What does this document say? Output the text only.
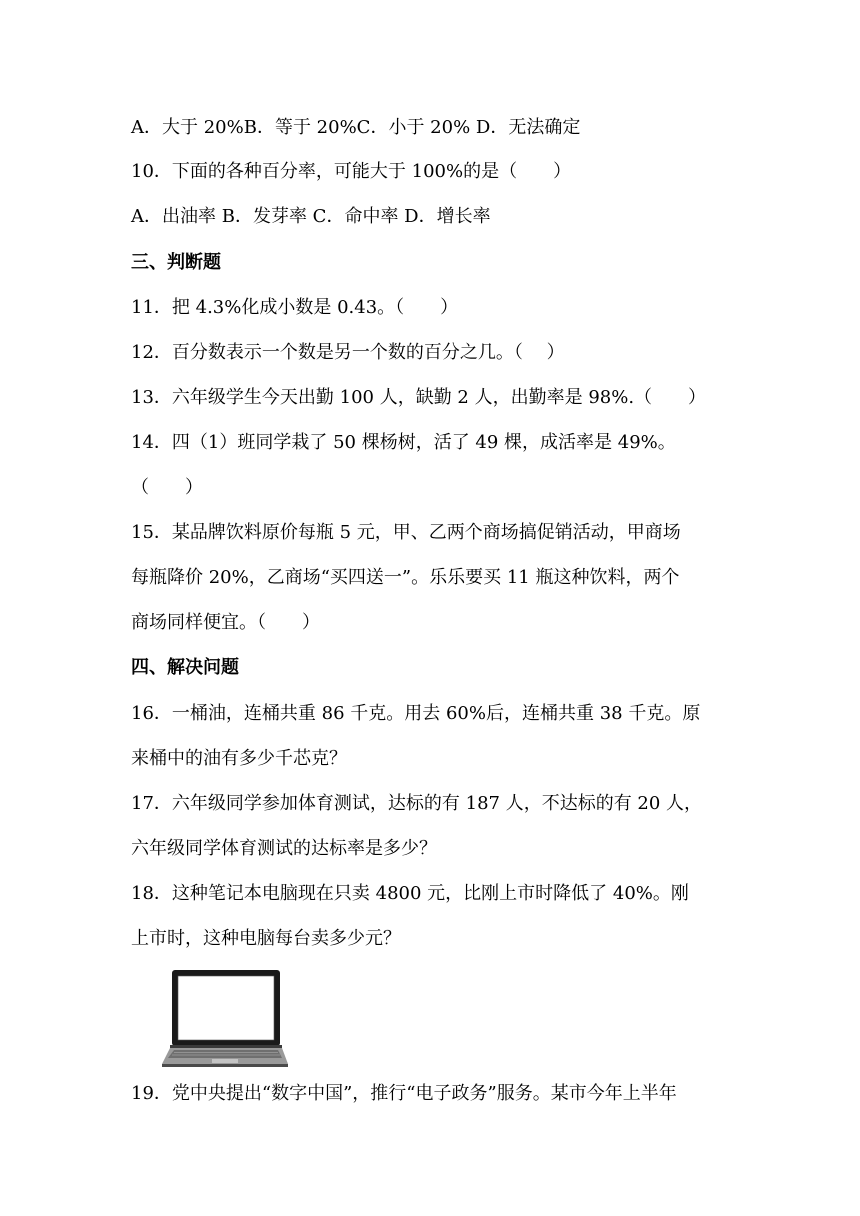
A．大于 20%B．等于 20%C．小于 20% D．无法确定
10．下面的各种百分率，可能大于 100%的是（　　）
A．出油率 B．发芽率 C．命中率 D．增长率
三、判断题
11．把 4.3%化成小数是 0.43。（　　）
12．百分数表示一个数是另一个数的百分之几。（　 ）
13．六年级学生今天出勤 100 人，缺勤 2 人，出勤率是 98%.（　　）
14．四（1）班同学栽了 50 棵杨树，活了 49 棵，成活率是 49%。
（　　）
15．某品牌饮料原价每瓶 5 元，甲、乙两个商场搞促销活动，甲商场
每瓶降价 20%，乙商场“买四送一”。乐乐要买 11 瓶这种饮料，两个
商场同样便宜。（　　）
四、解决问题
16．一桶油，连桶共重 86 千克。用去 60%后，连桶共重 38 千克。原
来桶中的油有多少千芯克？
17．六年级同学参加体育测试，达标的有 187 人，不达标的有 20 人，
六年级同学体育测试的达标率是多少？
18．这种笔记本电脑现在只卖 4800 元，比刚上市时降低了 40%。刚
上市时，这种电脑每台卖多少元？
19．党中央提出“数字中国”，推行“电子政务”服务。某市今年上半年
